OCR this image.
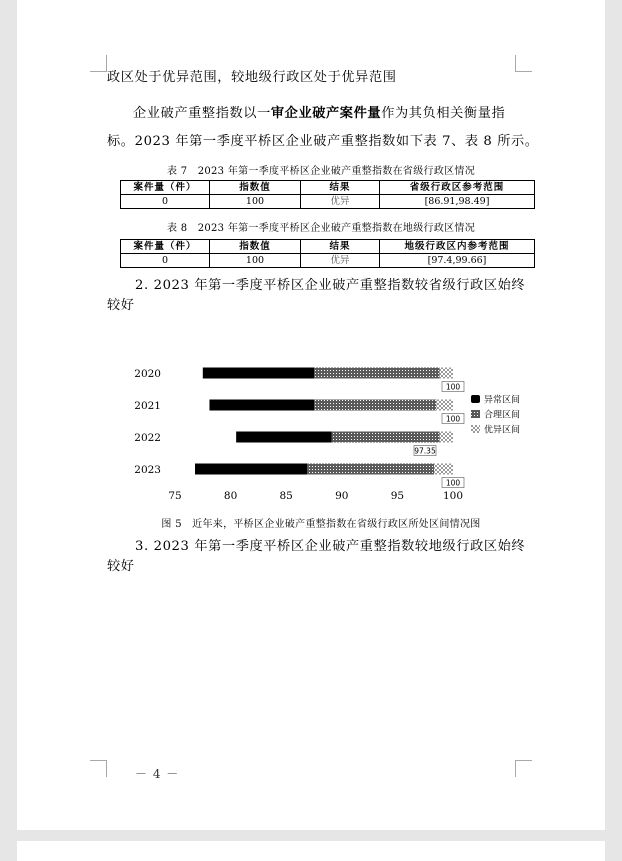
政区处于优异范围，较地级行政区处于优异范围
企业破产重整指数以一审企业破产案件量作为其负相关衡量指
标。2023 年第一季度平桥区企业破产重整指数如下表 7、表 8 所示。
表 7　2023 年第一季度平桥区企业破产重整指数在省级行政区情况
案件量（件）	指数值	结果	省级行政区参考范围
0	100	优异	[86.91,98.49]
表 8　2023 年第一季度平桥区企业破产重整指数在地级行政区情况
案件量（件）	指数值	结果	地级行政区内参考范围
0	100	优异	[97.4,99.66]
2. 2023 年第一季度平桥区企业破产重整指数较省级行政区始终
较好
2020
2021
2022
2023
75	80	85	90	95	100
100
100
97.35
100
异常区间
合理区间
优异区间
图 5　近年来，平桥区企业破产重整指数在省级行政区所处区间情况图
3. 2023 年第一季度平桥区企业破产重整指数较地级行政区始终
较好
－ 4 －
